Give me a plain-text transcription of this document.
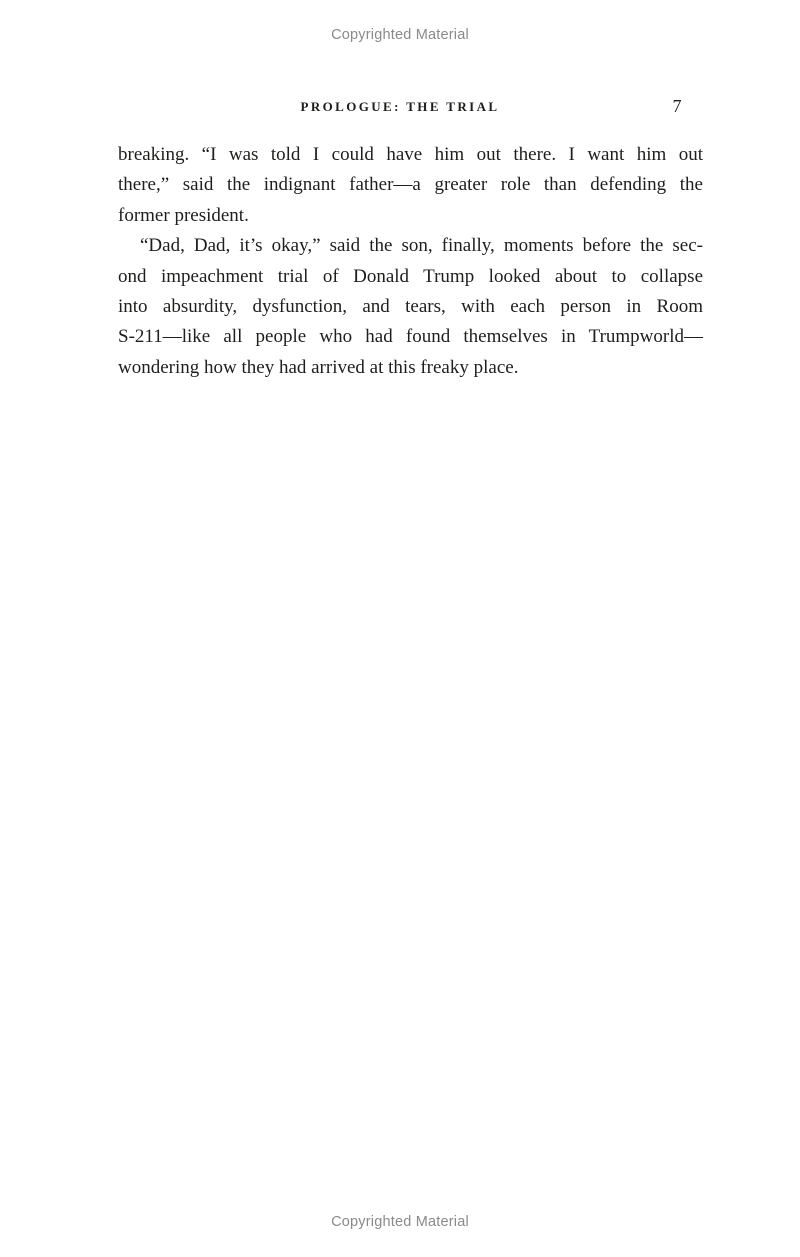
Copyrighted Material
PROLOGUE: THE TRIAL	7
breaking. “I was told I could have him out there. I want him out
there,” said the indignant father—a greater role than defending the
former president.
“Dad, Dad, it’s okay,” said the son, finally, moments before the sec-
ond impeachment trial of Donald Trump looked about to collapse
into absurdity, dysfunction, and tears, with each person in Room
S-211—like all people who had found themselves in Trumpworld—
wondering how they had arrived at this freaky place.
Copyrighted Material
